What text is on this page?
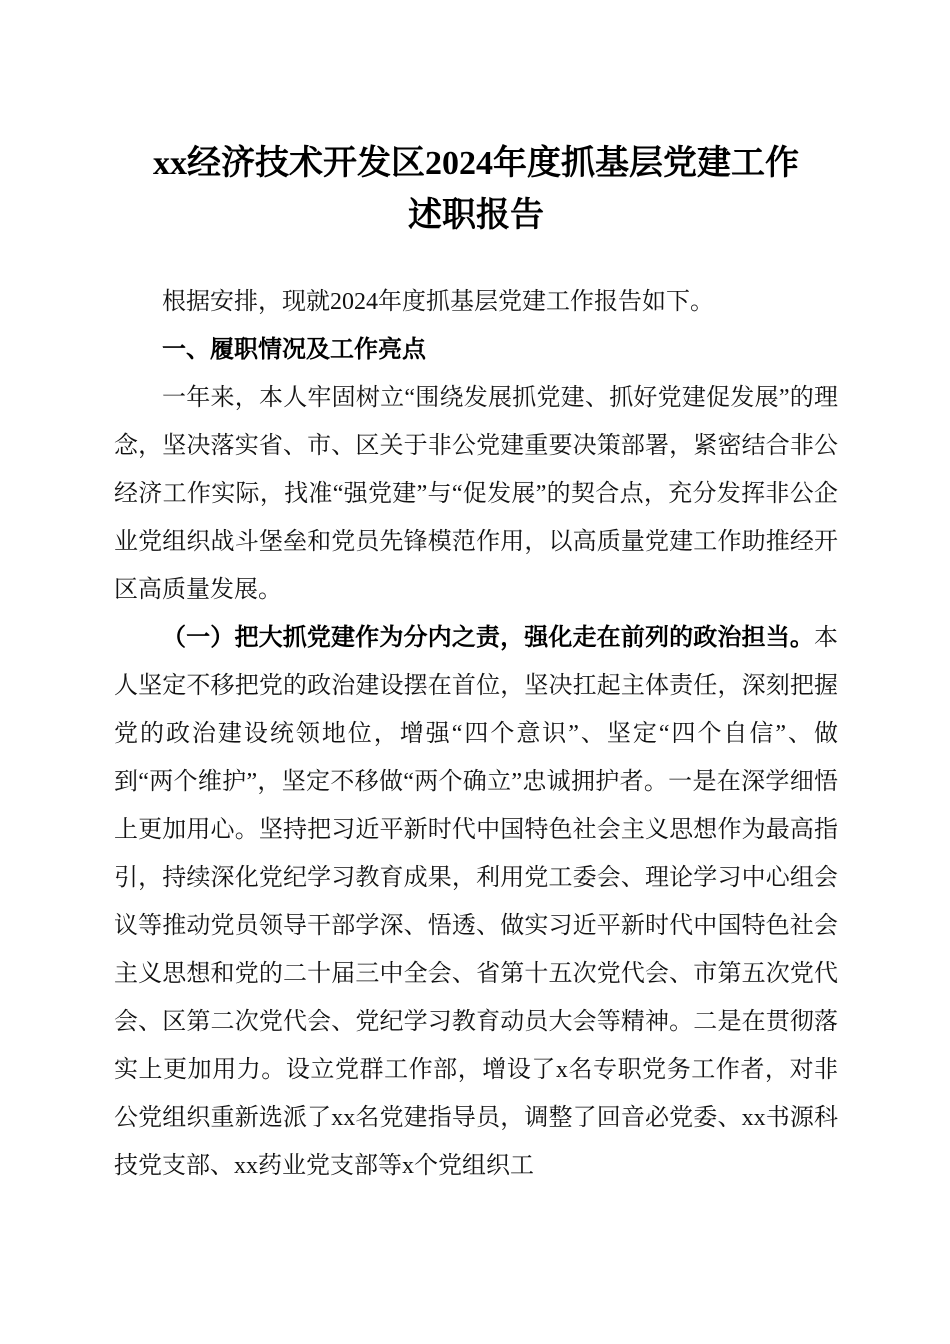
xx经济技术开发区2024年度抓基层党建工作
述职报告

根据安排，现就2024年度抓基层党建工作报告如下。

一、履职情况及工作亮点

一年来，本人牢固树立“围绕发展抓党建、抓好党建促发展”的理念，坚决落实省、市、区关于非公党建重要决策部署，紧密结合非公经济工作实际，找准“强党建”与“促发展”的契合点，充分发挥非公企业党组织战斗堡垒和党员先锋模范作用，以高质量党建工作助推经开区高质量发展。

（一）把大抓党建作为分内之责，强化走在前列的政治担当。本人坚定不移把党的政治建设摆在首位，坚决扛起主体责任，深刻把握党的政治建设统领地位，增强“四个意识”、坚定“四个自信”、做到“两个维护”，坚定不移做“两个确立”忠诚拥护者。一是在深学细悟上更加用心。坚持把习近平新时代中国特色社会主义思想作为最高指引，持续深化党纪学习教育成果，利用党工委会、理论学习中心组会议等推动党员领导干部学深、悟透、做实习近平新时代中国特色社会主义思想和党的二十届三中全会、省第十五次党代会、市第五次党代会、区第二次党代会、党纪学习教育动员大会等精神。二是在贯彻落实上更加用力。设立党群工作部，增设了x名专职党务工作者，对非公党组织重新选派了xx名党建指导员，调整了回音必党委、xx书源科技党支部、xx药业党支部等x个党组织工
